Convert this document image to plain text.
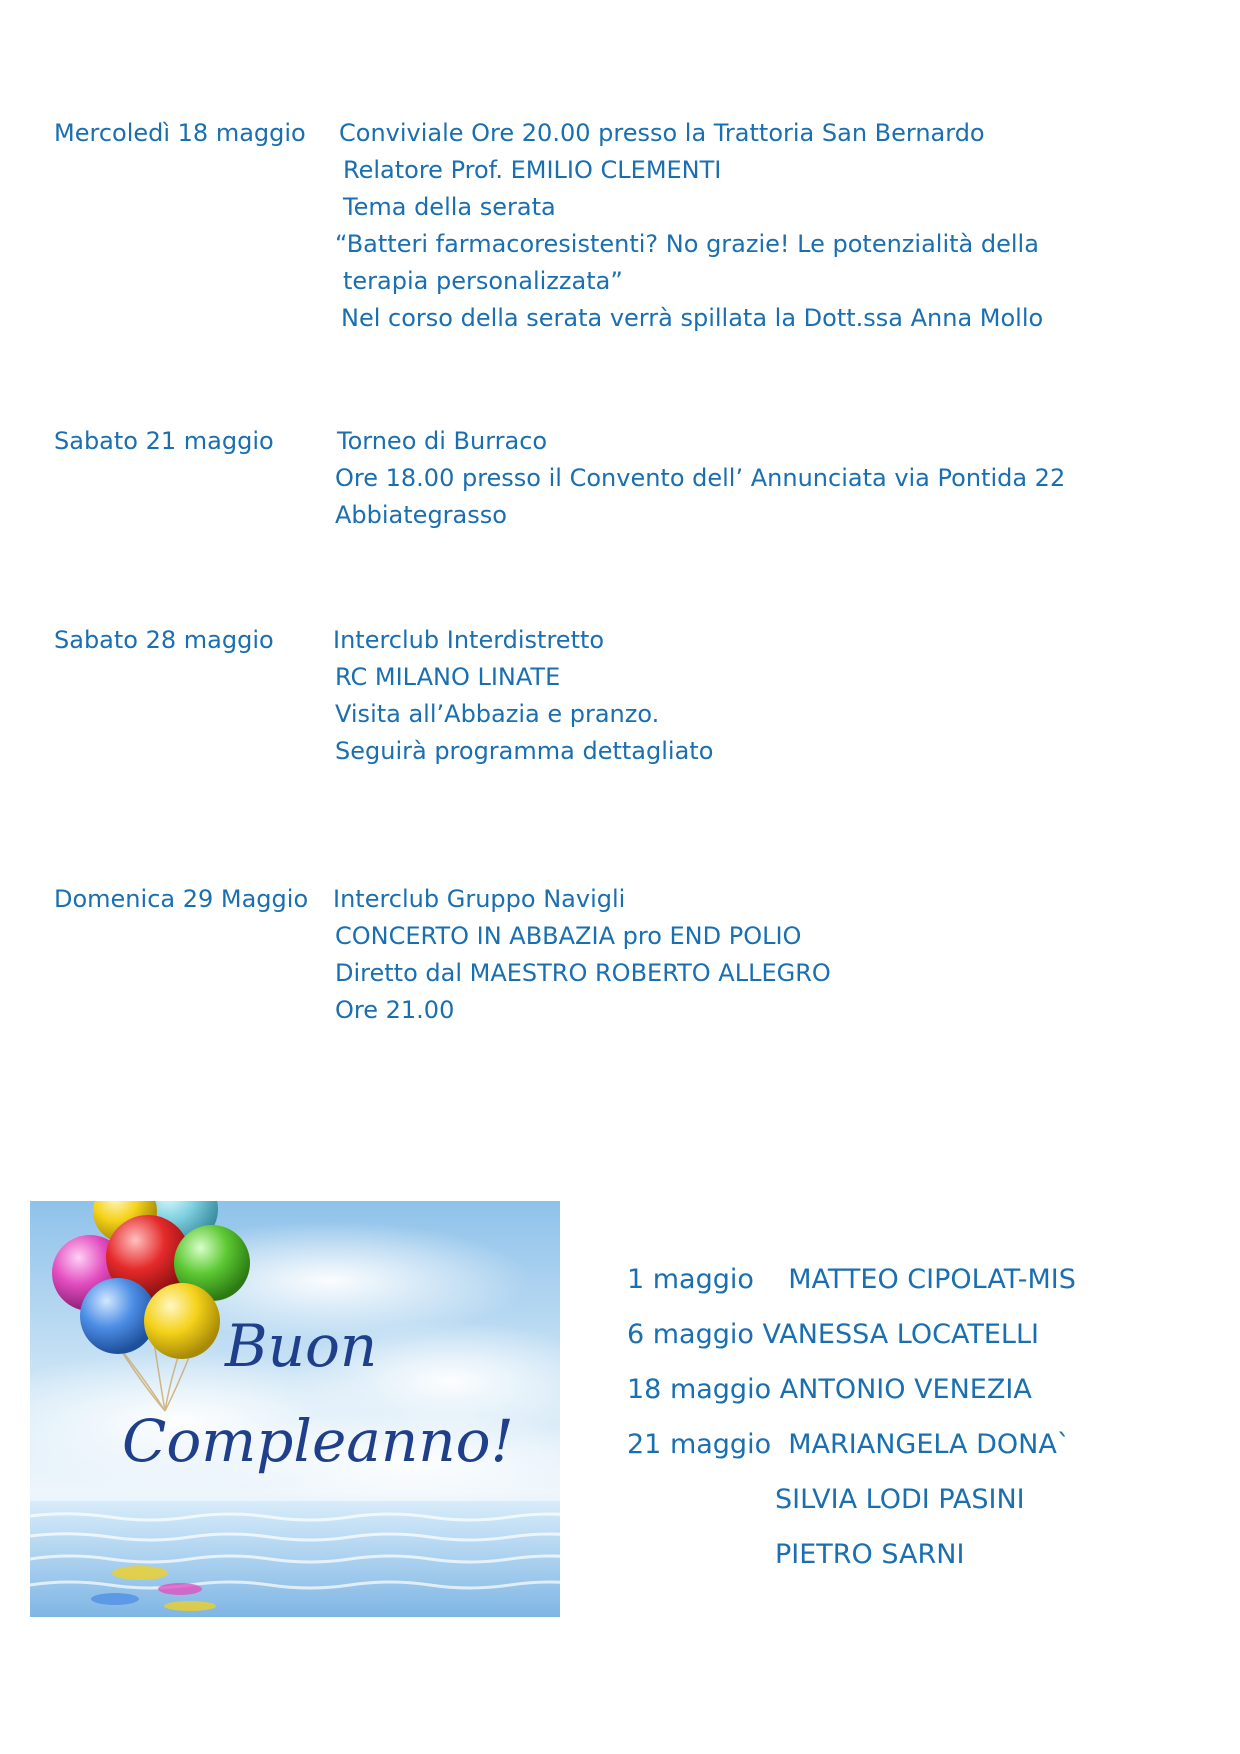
Mercoledì 18 maggio Conviviale Ore 20.00 presso la Trattoria San Bernardo
Relatore Prof. EMILIO CLEMENTI
Tema della serata
“Batteri farmacoresistenti? No grazie! Le potenzialità della
terapia personalizzata”
Nel corso della serata verrà spillata la Dott.ssa Anna Mollo
Sabato 21 maggio	Torneo di Burraco
Ore 18.00 presso il Convento dell’ Annunciata via Pontida 22
Abbiategrasso
Sabato 28 maggio Interclub Interdistretto
RC MILANO LINATE
Visita all’Abbazia e pranzo.
Seguirà programma dettagliato
Domenica 29 Maggio Interclub Gruppo Navigli
CONCERTO IN ABBAZIA pro END POLIO
Diretto dal MAESTRO ROBERTO ALLEGRO
Ore 21.00
Buon
Compleanno!
1 maggio    MATTEO CIPOLAT-MIS
6 maggio VANESSA LOCATELLI
18 maggio ANTONIO VENEZIA
21 maggio  MARIANGELA DONA`
SILVIA LODI PASINI
PIETRO SARNI
